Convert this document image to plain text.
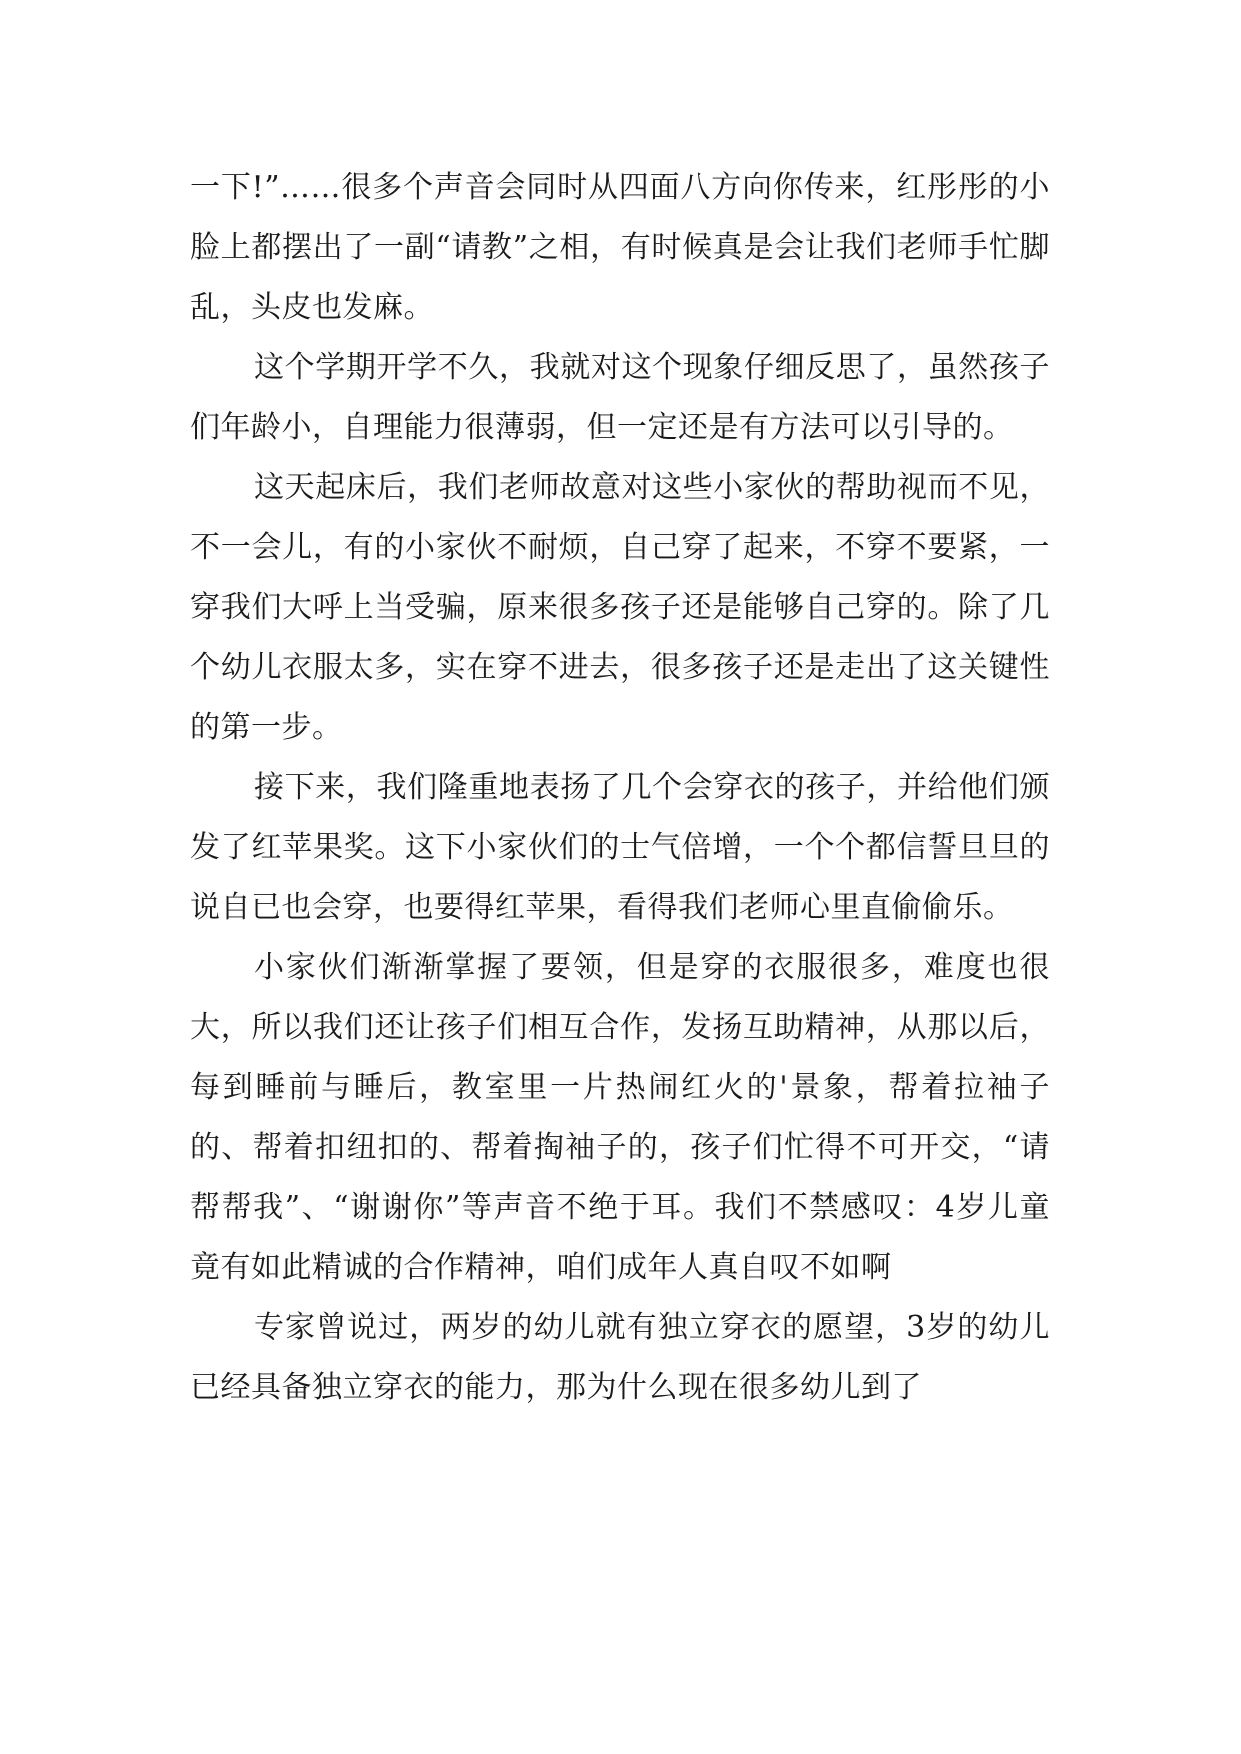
一下!”……很多个声音会同时从四面八方向你传来，红彤彤的小脸上都摆出了一副“请教”之相，有时候真是会让我们老师手忙脚乱，头皮也发麻。

这个学期开学不久，我就对这个现象仔细反思了，虽然孩子们年龄小，自理能力很薄弱，但一定还是有方法可以引导的。

这天起床后，我们老师故意对这些小家伙的帮助视而不见，不一会儿，有的小家伙不耐烦，自己穿了起来，不穿不要紧，一穿我们大呼上当受骗，原来很多孩子还是能够自己穿的。除了几个幼儿衣服太多，实在穿不进去，很多孩子还是走出了这关键性的第一步。

接下来，我们隆重地表扬了几个会穿衣的孩子，并给他们颁发了红苹果奖。这下小家伙们的士气倍增，一个个都信誓旦旦的说自已也会穿，也要得红苹果，看得我们老师心里直偷偷乐。

小家伙们渐渐掌握了要领，但是穿的衣服很多，难度也很大，所以我们还让孩子们相互合作，发扬互助精神，从那以后，每到睡前与睡后，教室里一片热闹红火的'景象，帮着拉袖子的、帮着扣纽扣的、帮着掏袖子的，孩子们忙得不可开交，“请帮帮我”、“谢谢你”等声音不绝于耳。我们不禁感叹：4岁儿童竟有如此精诚的合作精神，咱们成年人真自叹不如啊

专家曾说过，两岁的幼儿就有独立穿衣的愿望，3岁的幼儿已经具备独立穿衣的能力，那为什么现在很多幼儿到了
